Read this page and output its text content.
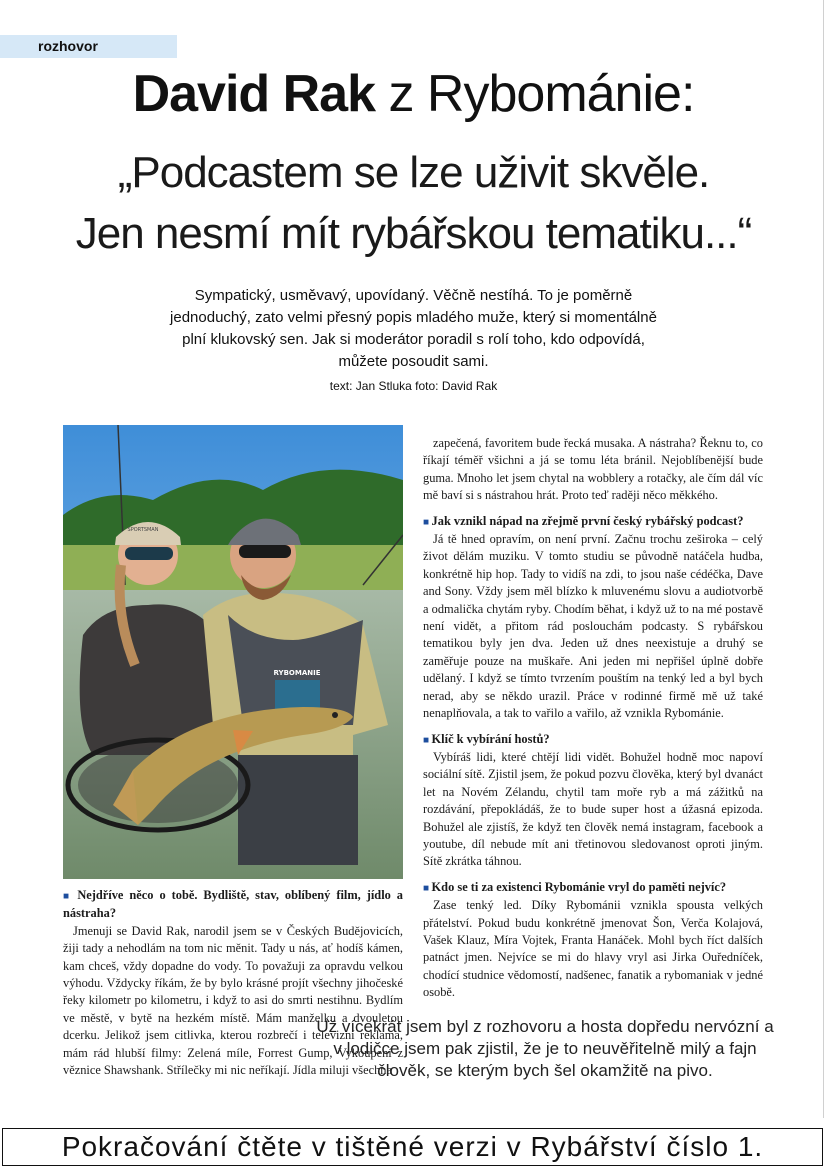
rozhovor
David Rak z Rybománie:
„Podcastem se lze uživit skvěle.
Jen nesmí mít rybářskou tematiku...“
Sympatický, usměvavý, upovídaný. Věčně nestíhá. To je poměrně jednoduchý, zato velmi přesný popis mladého muže, který si momentálně plní klukovský sen. Jak si moderátor poradil s rolí toho, kdo odpovídá, můžete posoudit sami.
text: Jan Stluka foto: David Rak
RYBOMANIE
SPORTSMAN

■ Nejdříve něco o tobě. Bydliště, stav, oblíbený film, jídlo a nástraha?

Jmenuji se David Rak, narodil jsem se v Českých Budějovicích, žiji tady a nehodlám na tom nic měnit. Tady u nás, ať hodíš kámen, kam chceš, vždy dopadne do vody. To považuji za opravdu velkou výhodu. Vždycky říkám, že by bylo krásné projít všechny jihočeské řeky kilometr po kilometru, i když to asi do smrti nestihnu. Bydlím ve městě, v bytě na hezkém místě. Mám manželku a dvouletou dcerku. Jelikož jsem citlivka, kterou rozbrečí i televizní reklama, mám rád hlubší filmy: Zelená míle, Forrest Gump, Vykoupení z věznice Shawshank. Střílečky mi nic neříkají. Jídla miluji všechna

zapečená, favoritem bude řecká musaka. A nástraha? Řeknu to, co říkají téměř všichni a já se tomu léta bránil. Nejoblíbenější bude guma. Mnoho let jsem chytal na wobblery a rotačky, ale čím dál víc mě baví si s nástrahou hrát. Proto teď raději něco měkkého.

■ Jak vznikl nápad na zřejmě první český rybářský podcast?

Já tě hned opravím, on není první. Začnu trochu zeširoka – celý život dělám muziku. V tomto studiu se původně natáčela hudba, konkrétně hip hop. Tady to vidíš na zdi, to jsou naše cédéčka, Dave and Sony. Vždy jsem měl blízko k mluvenému slovu a audiotvorbě a odmalička chytám ryby. Chodím běhat, i když už to na mé postavě není vidět, a přitom rád poslouchám podcasty. S rybářskou tematikou byly jen dva. Jeden už dnes neexistuje a druhý se zaměřuje pouze na muškaře. Ani jeden mi nepřišel úplně dobře udělaný. I když se tímto tvrzením pouštím na tenký led a byl bych nerad, aby se někdo urazil. Práce v rodinné firmě mě už také nenaplňovala, a tak to vařilo a vařilo, až vznikla Rybománie.

■ Klíč k vybírání hostů?

Vybíráš lidi, které chtějí lidi vidět. Bohužel hodně moc napoví sociální sítě. Zjistil jsem, že pokud pozvu člověka, který byl dvanáct let na Novém Zélandu, chytil tam moře ryb a má zážitků na rozdávání, přepokládáš, že to bude super host a úžasná epizoda. Bohužel ale zjistíš, že když ten člověk nemá instagram, facebook a youtube, díl nebude mít ani třetinovou sledovanost oproti jiným. Sítě zkrátka táhnou.

■ Kdo se ti za existenci Rybománie vryl do paměti nejvíc?

Zase tenký led. Díky Rybománii vznikla spousta velkých přátelství. Pokud budu konkrétně jmenovat Šon, Verča Kolajová, Vašek Klauz, Míra Vojtek, Franta Hanáček. Mohl bych říct dalších patnáct jmen. Nejvíce se mi do hlavy vryl asi Jirka Ouředníček, chodící studnice vědomostí, nadšenec, fanatik a rybomaniak v jedné osobě.

Už vícekrát jsem byl z rozhovoru a hosta dopředu nervózní a v lodičce jsem pak zjistil, že je to neuvěřitelně milý a fajn člověk, se kterým bych šel okamžitě na pivo.
Pokračování čtěte v tištěné verzi v Rybářství číslo 1.
